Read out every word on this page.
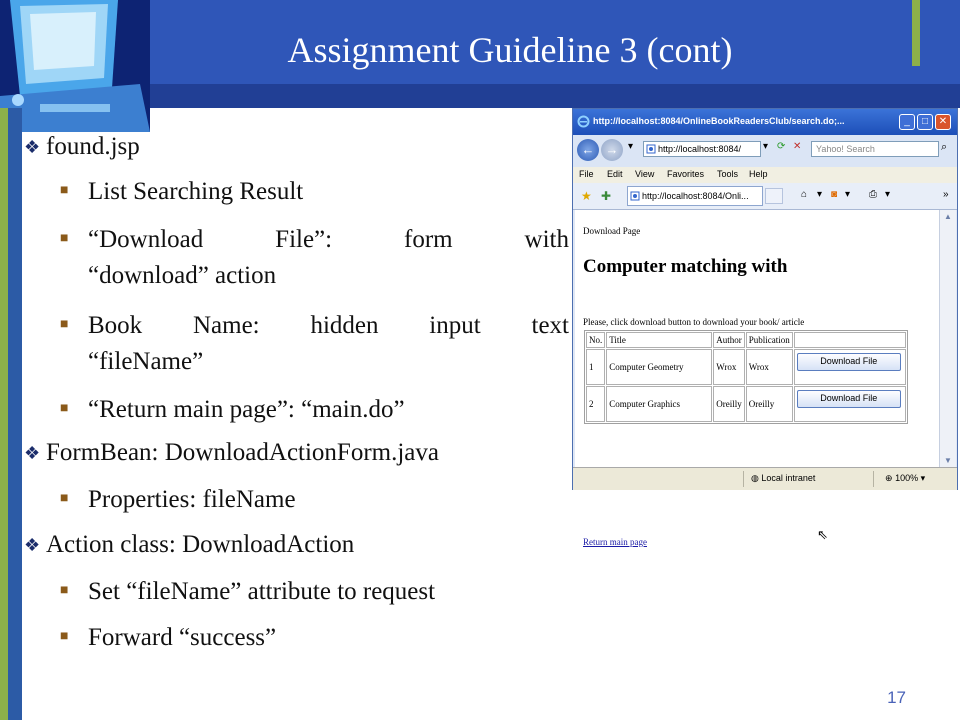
Assignment Guideline 3 (cont)
❖ found.jsp
■ List Searching Result
■ “Download File”: form with
“download” action
■ Book Name: hidden input text
“fileName”
■ “Return main page”: “main.do”
❖ FormBean: DownloadActionForm.java
■ Properties: fileName
❖ Action class: DownloadAction
■ Set “fileName” attribute to request
■ Forward “success”
17
http://localhost:8084/OnlineBookReadersClub/search.do;...	_	□	✕
← → ▾	http://localhost:8084/	▾ ⟳ ✕	Yahoo! Search	⌕
File Edit View Favorites Tools Help
★ ✚	http://localhost:8084/Onli...	⌂ ▾ ◙ ▾ ⎙ ▾	»
Download Page
Computer matching with
Please, click download button to download your book/ article
No.	Title	Author	Publication	
1	Computer Geometry	Wrox	Wrox	Download File
2	Computer Graphics	Oreilly	Oreilly	Download File
Return main page	⇖
▲
▼
◍ Local intranet	⊕ 100% ▾
